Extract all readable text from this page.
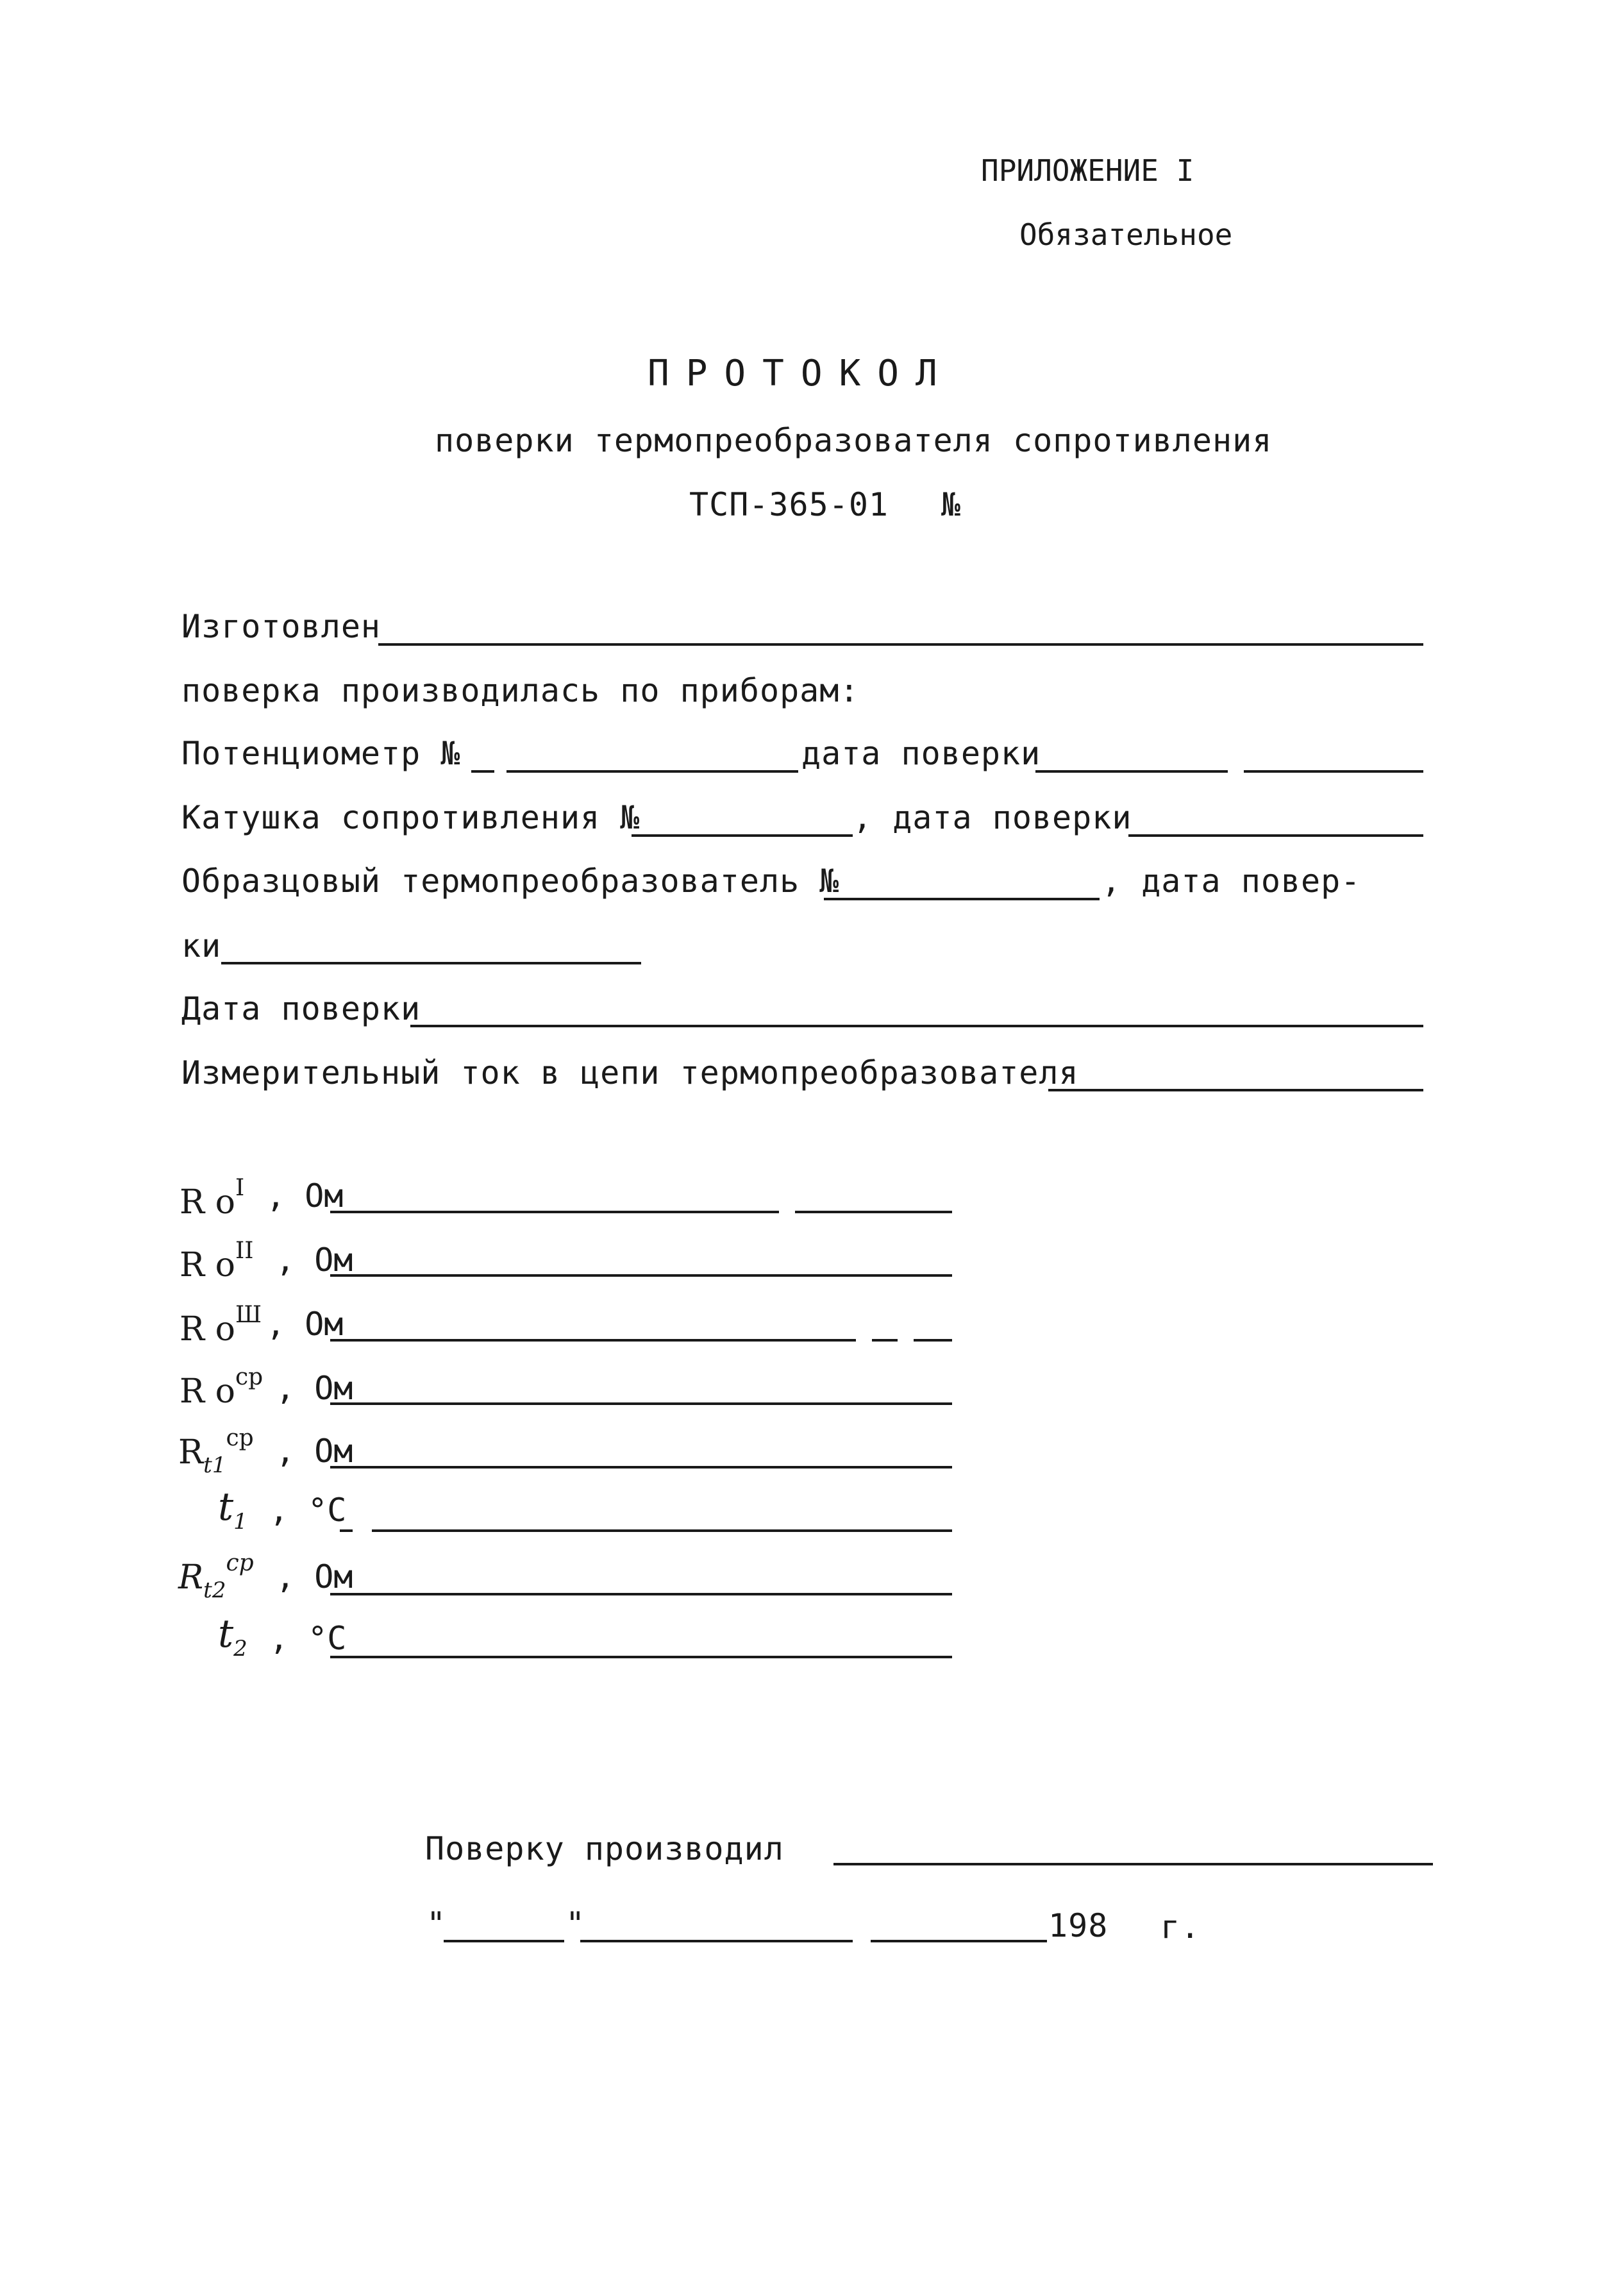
ПРИЛОЖЕНИЕ I
Обязательное
ПРОТОКОЛ
поверки термопреобразователя сопротивления
ТСП-365-01 №
Изготовлен
поверка производилась по приборам:
Потенциометр №	дата поверки
Катушка сопротивления №	, дата поверки
Образцовый термопреобразователь №	, дата повер-
ки
Дата поверки
Измерительный ток в цепи термопреобразователя
R $o^I$ , Ом
R $o^{II}$ , Ом
R $o^Ш$ , Ом
R $o^{ср}$ , Ом
$R_{t1}^{ср}$ , Ом
$t_1$ , °С
$R_{t2}^{ср}$ , Ом
$t_2$ , °С
Поверку производил
"	"	198 г.
